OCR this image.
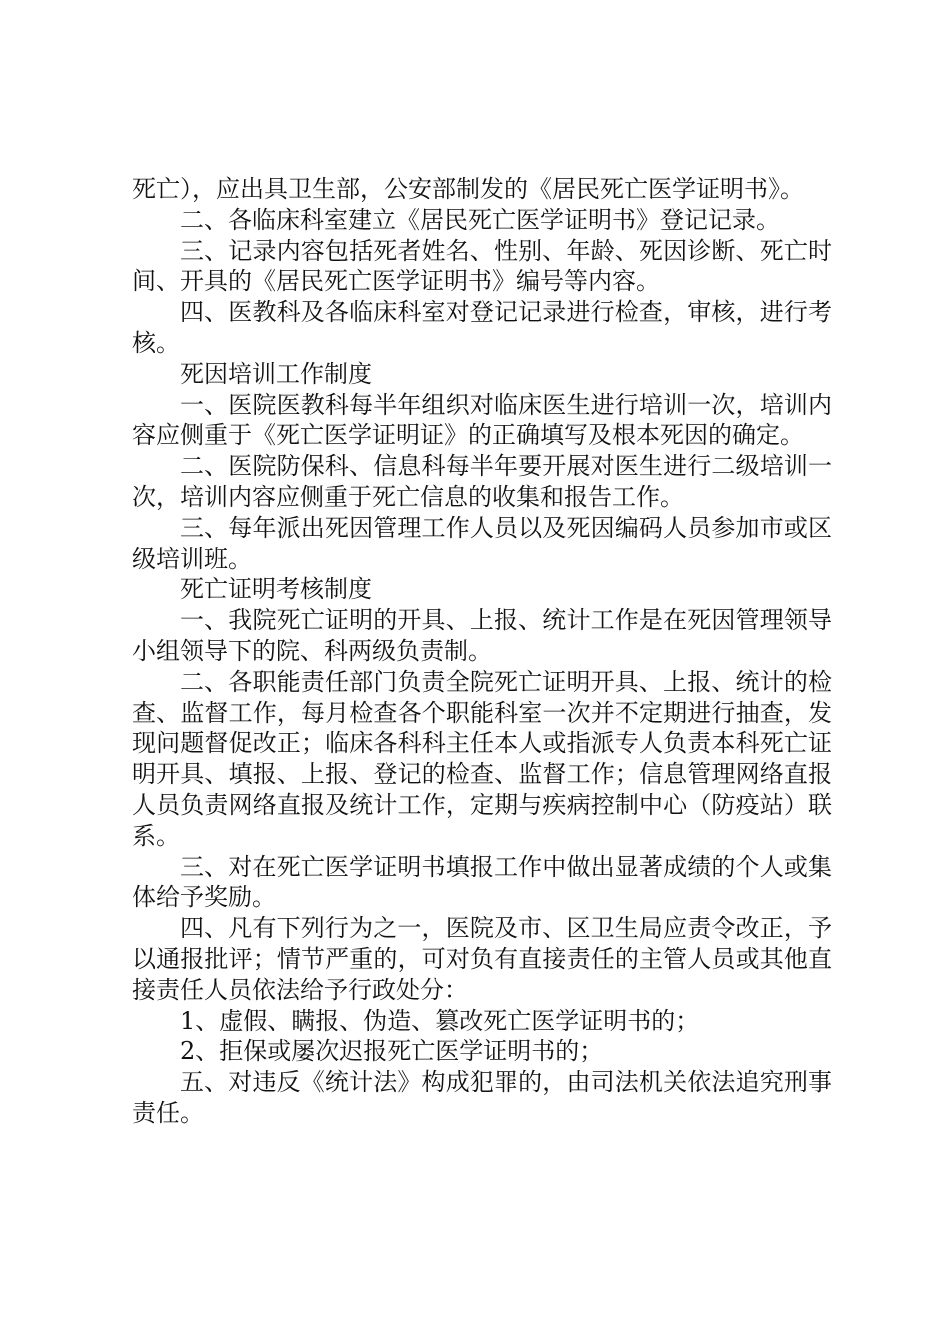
死亡），应出具卫生部，公安部制发的《居民死亡医学证明书》。

二、各临床科室建立《居民死亡医学证明书》登记记录。

三、记录内容包括死者姓名、性别、年龄、死因诊断、死亡时间、开具的《居民死亡医学证明书》编号等内容。

四、医教科及各临床科室对登记记录进行检查，审核，进行考核。

死因培训工作制度

一、医院医教科每半年组织对临床医生进行培训一次，培训内容应侧重于《死亡医学证明证》的正确填写及根本死因的确定。

二、医院防保科、信息科每半年要开展对医生进行二级培训一次，培训内容应侧重于死亡信息的收集和报告工作。

三、每年派出死因管理工作人员以及死因编码人员参加市或区级培训班。

死亡证明考核制度

一、我院死亡证明的开具、上报、统计工作是在死因管理领导小组领导下的院、科两级负责制。

二、各职能责任部门负责全院死亡证明开具、上报、统计的检查、监督工作，每月检查各个职能科室一次并不定期进行抽查，发现问题督促改正；临床各科科主任本人或指派专人负责本科死亡证明开具、填报、上报、登记的检查、监督工作；信息管理网络直报人员负责网络直报及统计工作，定期与疾病控制中心（防疫站）联系。

三、对在死亡医学证明书填报工作中做出显著成绩的个人或集体给予奖励。

四、凡有下列行为之一，医院及市、区卫生局应责令改正，予以通报批评；情节严重的，可对负有直接责任的主管人员或其他直接责任人员依法给予行政处分：

1、虚假、瞒报、伪造、篡改死亡医学证明书的；

2、拒保或屡次迟报死亡医学证明书的；

五、对违反《统计法》构成犯罪的，由司法机关依法追究刑事责任。
